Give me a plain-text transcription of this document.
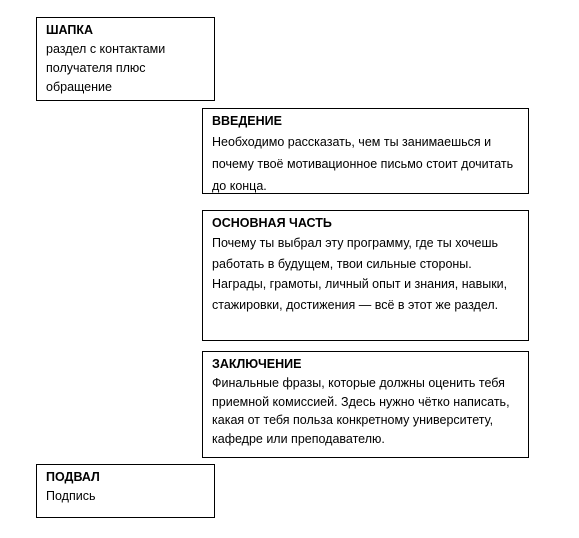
ШАПКА
раздел с контактами получателя плюс обращение
ВВЕДЕНИЕ
Необходимо рассказать, чем ты занимаешься и почему твоё мотивационное письмо стоит дочитать до конца.
ОСНОВНАЯ ЧАСТЬ
Почему ты выбрал эту программу, где ты хочешь работать в будущем, твои сильные стороны. Награды, грамоты, личный опыт и знания, навыки, стажировки, достижения — всё в этот же раздел.
ЗАКЛЮЧЕНИЕ
Финальные фразы, которые должны оценить тебя приемной комиссией. Здесь нужно чётко написать, какая от тебя польза конкретному университету, кафедре или преподавателю.
ПОДВАЛ
Подпись
